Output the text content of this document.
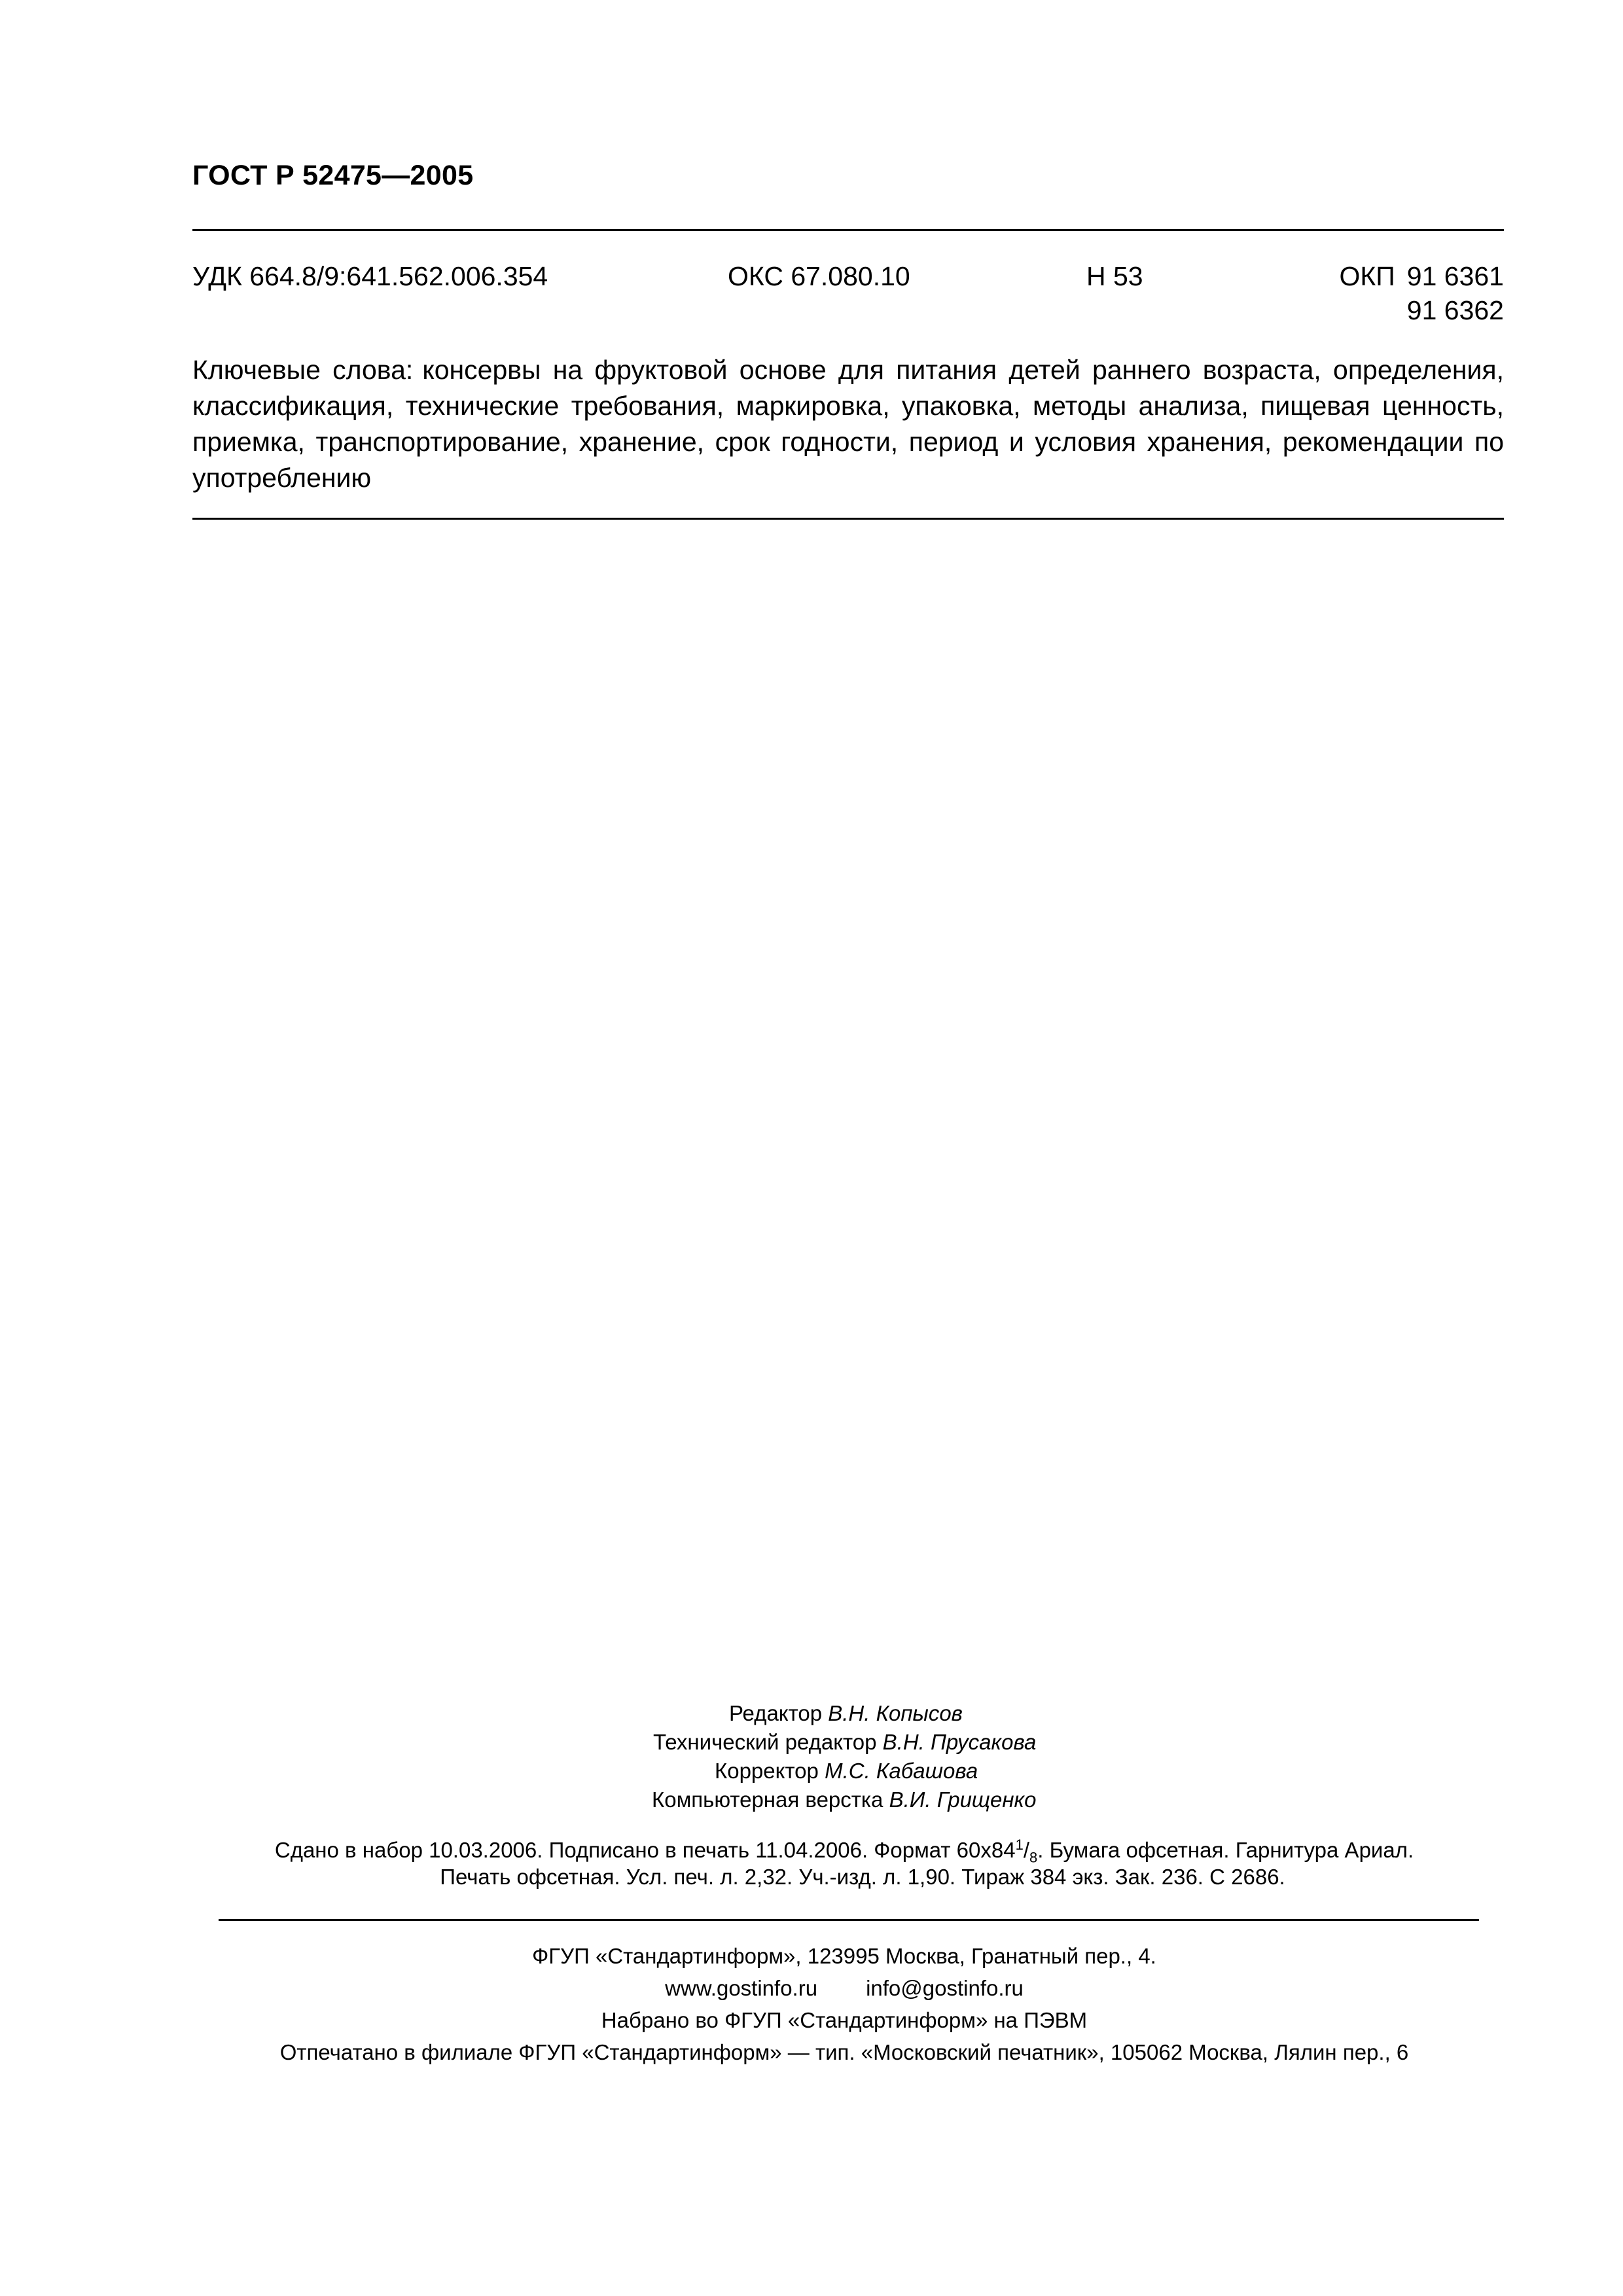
ГОСТ Р 52475—2005
УДК 664.8/9:641.562.006.354	ОКС 67.080.10	Н 53	ОКП 91 6361
91 6362
Ключевые слова: консервы на фруктовой основе для питания детей раннего возраста, определения, классификация, технические требования, маркировка, упаковка, методы анализа, пищевая ценность, приемка, транспортирование, хранение, срок годности, период и условия хранения, рекомендации по употреблению
Редактор В.Н. Копысов
Технический редактор В.Н. Прусакова
Корректор М.С. Кабашова
Компьютерная верстка В.И. Грищенко
Сдано в набор 10.03.2006. Подписано в печать 11.04.2006. Формат $60x84^1/_8$. Бумага офсетная. Гарнитура Ариал.
Печать офсетная. Усл. печ. л. 2,32. Уч.-изд. л. 1,90. Тираж 384 экз. Зак. 236. С 2686.
ФГУП «Стандартинформ», 123995 Москва, Гранатный пер., 4.
www.gostinfo.ru info@gostinfo.ru
Набрано во ФГУП «Стандартинформ» на ПЭВМ
Отпечатано в филиале ФГУП «Стандартинформ» — тип. «Московский печатник», 105062 Москва, Лялин пер., 6
